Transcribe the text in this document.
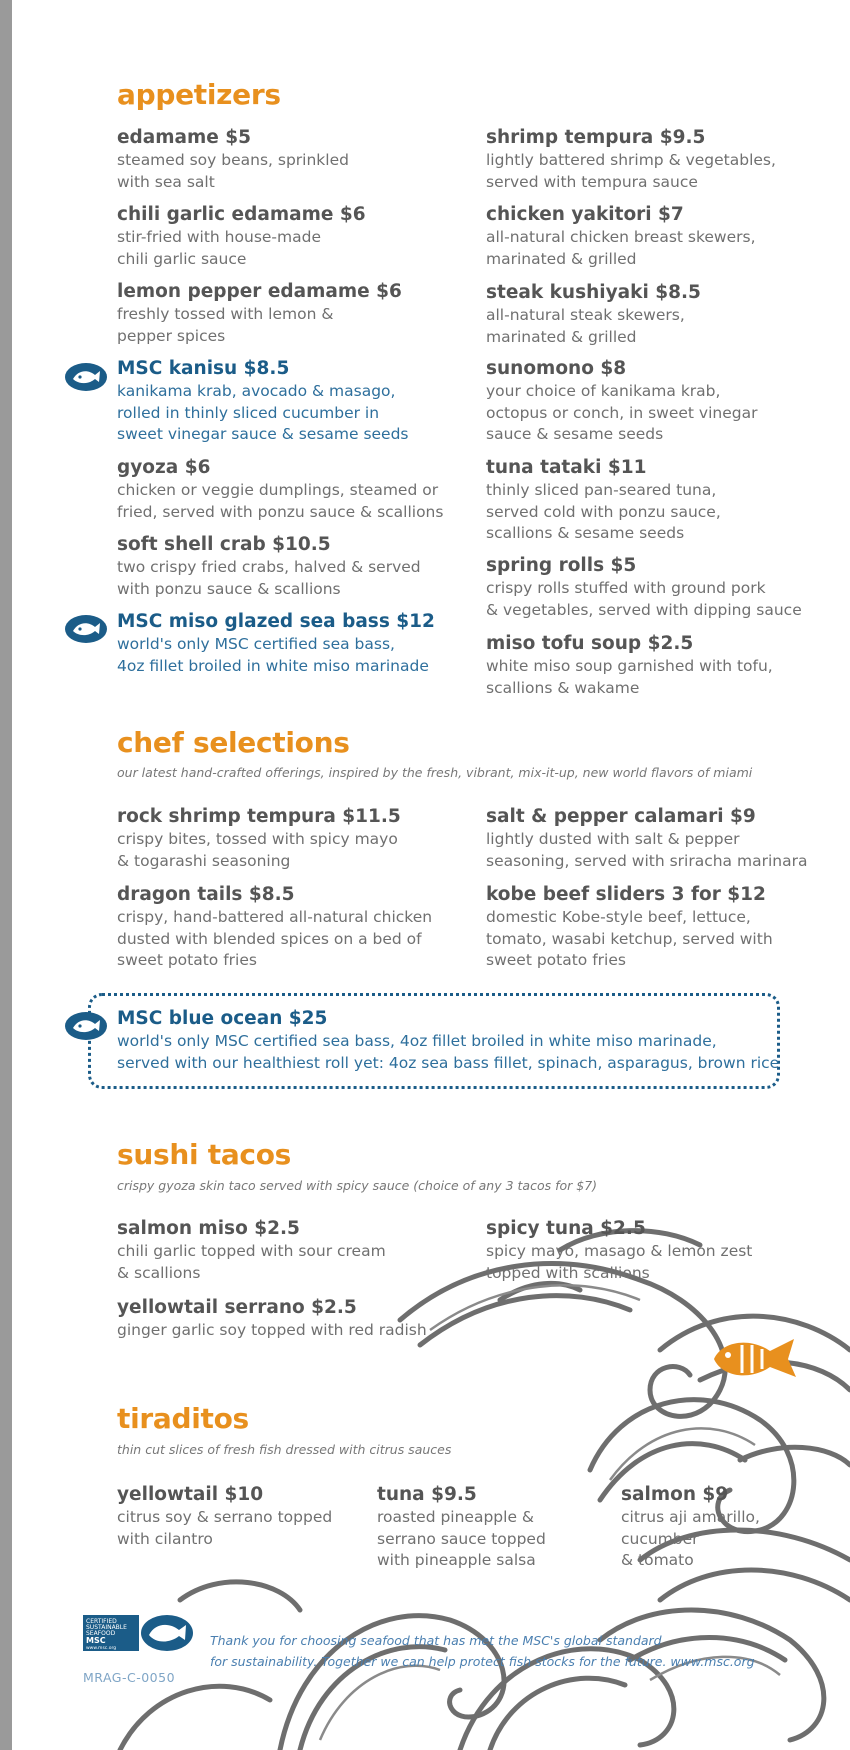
appetizers
edamame $5
steamed soy beans, sprinkled
with sea salt
chili garlic edamame $6
stir-fried with house-made
chili garlic sauce
lemon pepper edamame $6
freshly tossed with lemon &
pepper spices
MSC kanisu $8.5
kanikama krab, avocado & masago,
rolled in thinly sliced cucumber in
sweet vinegar sauce & sesame seeds
gyoza $6
chicken or veggie dumplings, steamed or
fried, served with ponzu sauce & scallions
soft shell crab $10.5
two crispy fried crabs, halved & served
with ponzu sauce & scallions
MSC miso glazed sea bass $12
world's only MSC certified sea bass,
4oz fillet broiled in white miso marinade
shrimp tempura $9.5
lightly battered shrimp & vegetables,
served with tempura sauce
chicken yakitori $7
all-natural chicken breast skewers,
marinated & grilled
steak kushiyaki $8.5
all-natural steak skewers,
marinated & grilled
sunomono $8
your choice of kanikama krab,
octopus or conch, in sweet vinegar
sauce & sesame seeds
tuna tataki $11
thinly sliced pan-seared tuna,
served cold with ponzu sauce,
scallions & sesame seeds
spring rolls $5
crispy rolls stuffed with ground pork
& vegetables, served with dipping sauce
miso tofu soup $2.5
white miso soup garnished with tofu,
scallions & wakame
chef selections
our latest hand-crafted offerings, inspired by the fresh, vibrant, mix-it-up, new world flavors of miami
rock shrimp tempura $11.5
crispy bites, tossed with spicy mayo
& togarashi seasoning
salt & pepper calamari $9
lightly dusted with salt & pepper
seasoning, served with sriracha marinara
dragon tails $8.5
crispy, hand-battered all-natural chicken
dusted with blended spices on a bed of
sweet potato fries
kobe beef sliders 3 for $12
domestic Kobe-style beef, lettuce,
tomato, wasabi ketchup, served with
sweet potato fries
MSC blue ocean $25
world's only MSC certified sea bass, 4oz fillet broiled in white miso marinade,
served with our healthiest roll yet: 4oz sea bass fillet, spinach, asparagus, brown rice
sushi tacos
crispy gyoza skin taco served with spicy sauce (choice of any 3 tacos for $7)
salmon miso $2.5
chili garlic topped with sour cream
& scallions
spicy tuna $2.5
spicy mayo, masago & lemon zest
topped with scallions
yellowtail serrano $2.5
ginger garlic soy topped with red radish
tiraditos
thin cut slices of fresh fish dressed with citrus sauces
yellowtail $10
citrus soy & serrano topped
with cilantro
tuna $9.5
roasted pineapple &
serrano sauce topped
with pineapple salsa
salmon $9
citrus aji amarillo, cucumber
& tomato
CERTIFIED
SUSTAINABLE
SEAFOOD
MSC
www.msc.org
Thank you for choosing seafood that has met the MSC's global standard
for sustainability. Together we can help protect fish stocks for the future. www.msc.org
MRAG-C-0050
